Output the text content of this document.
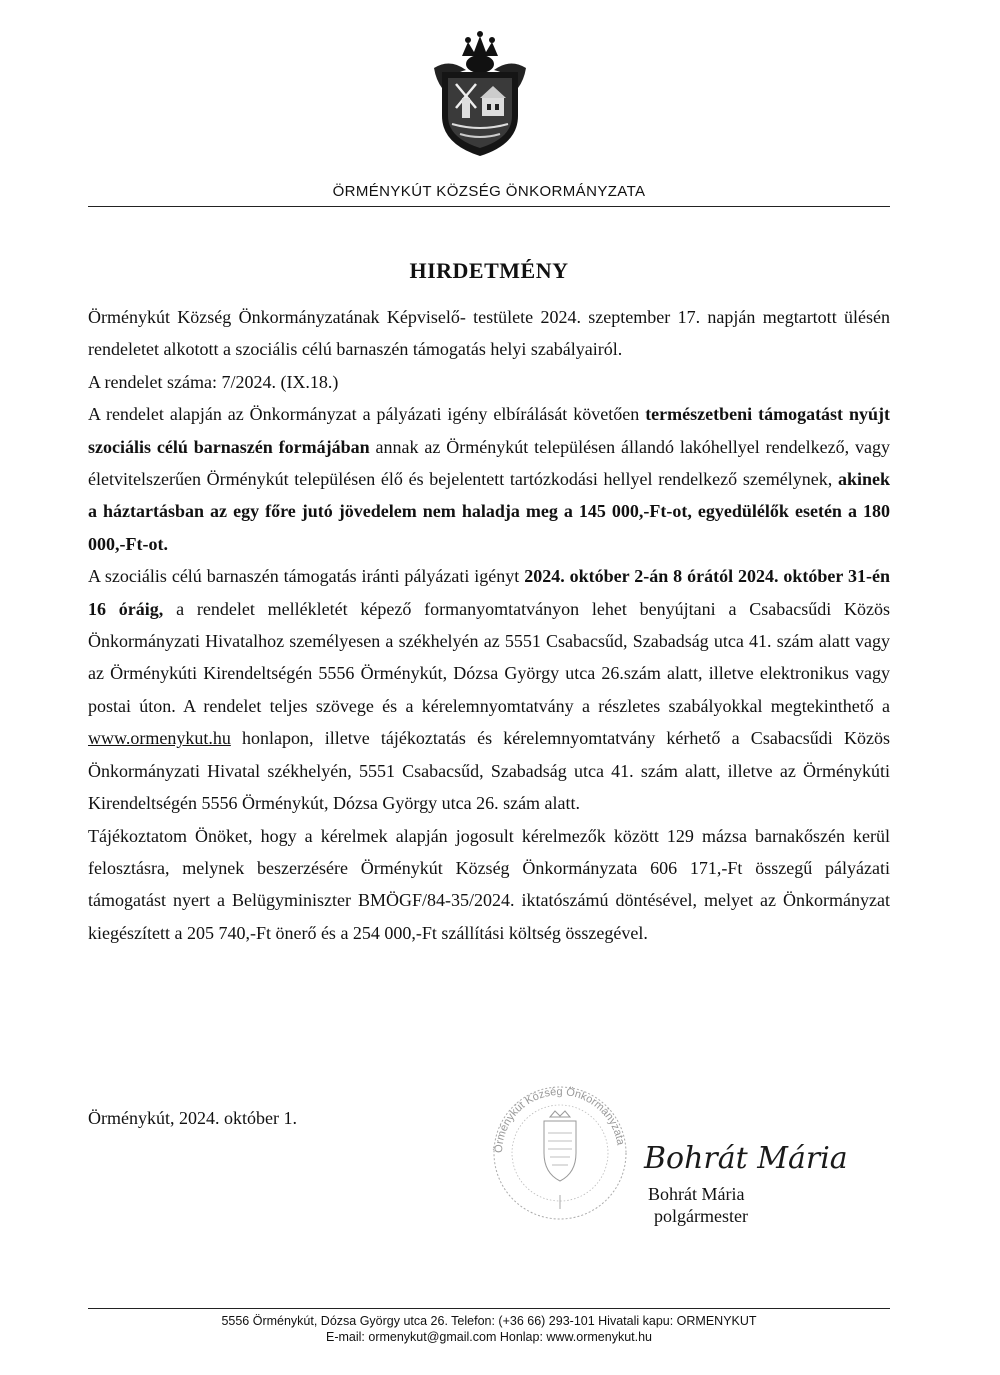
ÖRMÉNYKÚT KÖZSÉG ÖNKORMÁNYZATA
HIRDETMÉNY

Örménykút Község Önkormányzatának Képviselő- testülete 2024. szeptember 17. napján megtartott ülésén rendeletet alkotott a szociális célú barnaszén támogatás helyi szabályairól.

A rendelet száma: 7/2024. (IX.18.)

A rendelet alapján az Önkormányzat a pályázati igény elbírálását követően természetbeni támogatást nyújt szociális célú barnaszén formájában annak az Örménykút településen állandó lakóhellyel rendelkező, vagy életvitelszerűen Örménykút településen élő és bejelentett tartózkodási hellyel rendelkező személynek, akinek a háztartásban az egy főre jutó jövedelem nem haladja meg a 145 000,-Ft-ot, egyedülélők esetén a 180 000,-Ft-ot.

A szociális célú barnaszén támogatás iránti pályázati igényt 2024. október 2-án 8 órától 2024. október 31-én 16 óráig, a rendelet mellékletét képező formanyomtatványon lehet benyújtani a Csabacsűdi Közös Önkormányzati Hivatalhoz személyesen a székhelyén az 5551 Csabacsűd, Szabadság utca 41. szám alatt vagy az Örménykúti Kirendeltségén 5556 Örménykút, Dózsa György utca 26.szám alatt, illetve elektronikus vagy postai úton. A rendelet teljes szövege és a kérelemnyomtatvány a részletes szabályokkal megtekinthető a www.ormenykut.hu honlapon, illetve tájékoztatás és kérelemnyomtatvány kérhető a Csabacsűdi Közös Önkormányzati Hivatal székhelyén, 5551 Csabacsűd, Szabadság utca 41. szám alatt, illetve az Örménykúti Kirendeltségén 5556 Örménykút, Dózsa György utca 26. szám alatt.

Tájékoztatom Önöket, hogy a kérelmek alapján jogosult kérelmezők között 129 mázsa barnakőszén kerül felosztásra, melynek beszerzésére Örménykút Község Önkormányzata 606 171,-Ft összegű pályázati támogatást nyert a Belügyminiszter BMÖGF/84-35/2024. iktatószámú döntésével, melyet az Önkormányzat kiegészített a 205 740,-Ft önerő és a 254 000,-Ft szállítási költség összegével.

Örménykút, 2024. október 1.
Örménykút Község Önkormányzata Bohrát Mária
Bohrát Mária
polgármester
5556 Örménykút, Dózsa György utca 26. Telefon: (+36 66) 293-101 Hivatali kapu: ORMENYKUT
E-mail: ormenykut@gmail.com Honlap: www.ormenykut.hu
